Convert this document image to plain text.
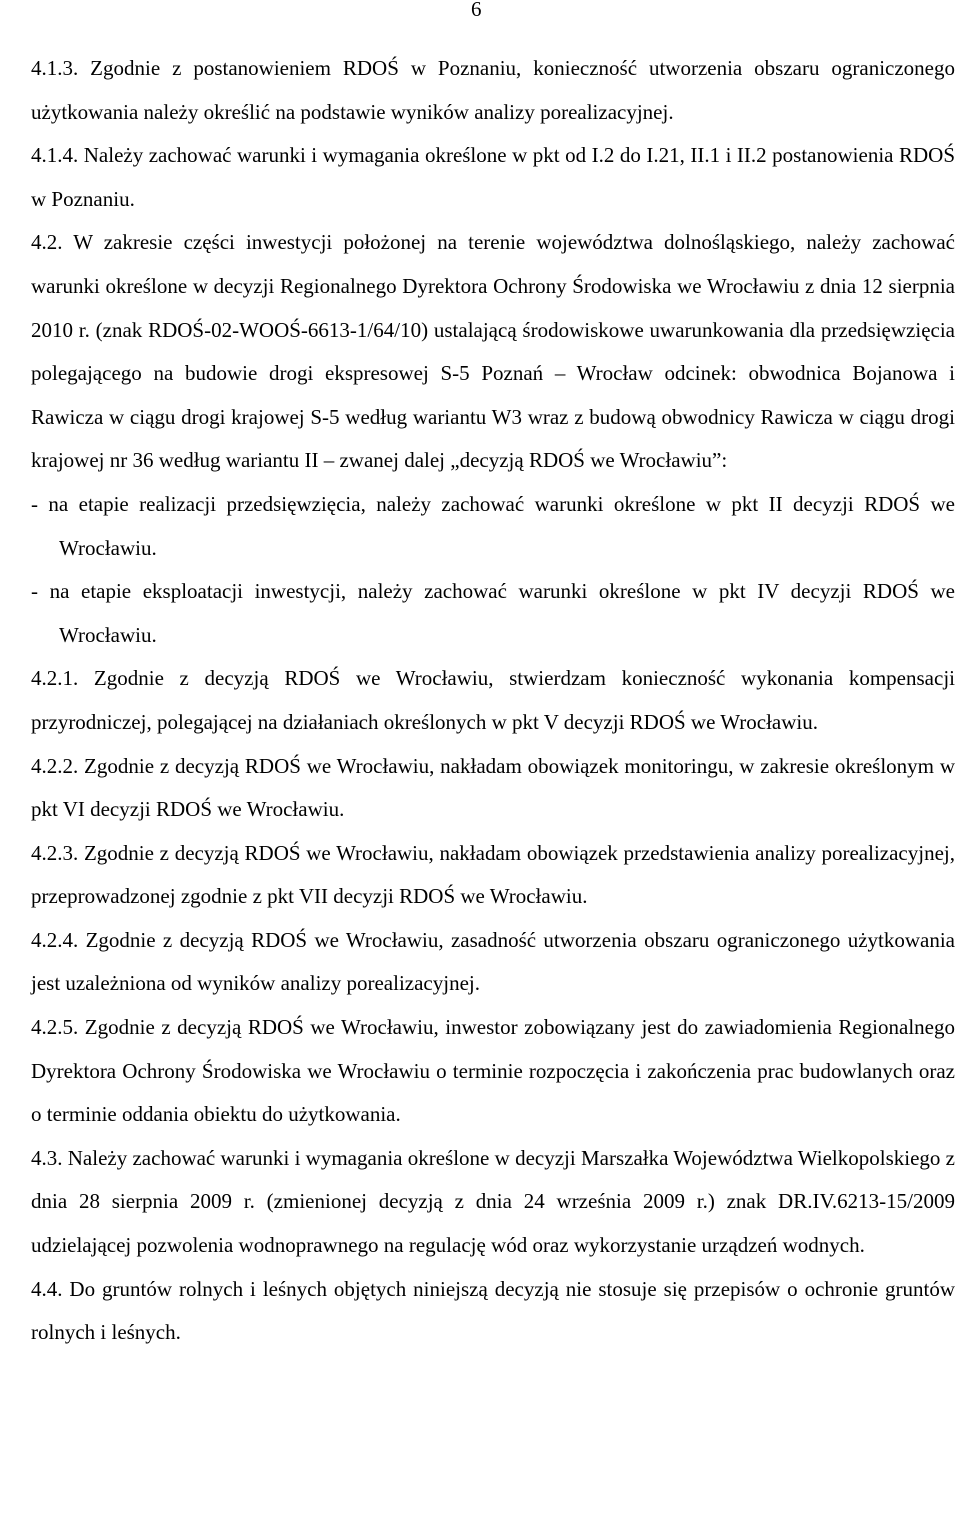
6

4.1.3. Zgodnie z postanowieniem RDOŚ w Poznaniu, konieczność utworzenia obszaru ograniczonego użytkowania należy określić na podstawie wyników analizy porealizacyjnej.

4.1.4. Należy zachować warunki i wymagania określone w pkt od I.2 do I.21, II.1 i II.2 postanowienia RDOŚ w Poznaniu.

4.2. W zakresie części inwestycji położonej na terenie województwa dolnośląskiego, należy zachować warunki określone w decyzji Regionalnego Dyrektora Ochrony Środowiska we Wrocławiu z dnia 12 sierpnia 2010 r. (znak RDOŚ-02-WOOŚ-6613-1/64/10) ustalającą środowiskowe uwarunkowania dla przedsięwzięcia polegającego na budowie drogi ekspresowej S-5 Poznań – Wrocław odcinek: obwodnica Bojanowa i Rawicza w ciągu drogi krajowej S-5 według wariantu W3 wraz z budową obwodnicy Rawicza w ciągu drogi krajowej nr 36 według wariantu II – zwanej dalej „decyzją RDOŚ we Wrocławiu”:

- na etapie realizacji przedsięwzięcia, należy zachować warunki określone w pkt II decyzji RDOŚ we Wrocławiu.

- na etapie eksploatacji inwestycji, należy zachować warunki określone w pkt IV decyzji RDOŚ we Wrocławiu.

4.2.1. Zgodnie z decyzją RDOŚ we Wrocławiu, stwierdzam konieczność wykonania kompensacji przyrodniczej, polegającej na działaniach określonych w pkt V decyzji RDOŚ we Wrocławiu.

4.2.2. Zgodnie z decyzją RDOŚ we Wrocławiu, nakładam obowiązek monitoringu, w zakresie określonym w pkt VI decyzji RDOŚ we Wrocławiu.

4.2.3. Zgodnie z decyzją RDOŚ we Wrocławiu, nakładam obowiązek przedstawienia analizy porealizacyjnej, przeprowadzonej zgodnie z pkt VII decyzji RDOŚ we Wrocławiu.

4.2.4. Zgodnie z decyzją RDOŚ we Wrocławiu, zasadność utworzenia obszaru ograniczonego użytkowania jest uzależniona od wyników analizy porealizacyjnej.

4.2.5. Zgodnie z decyzją RDOŚ we Wrocławiu, inwestor zobowiązany jest do zawiadomienia Regionalnego Dyrektora Ochrony Środowiska we Wrocławiu o terminie rozpoczęcia i zakończenia prac budowlanych oraz o terminie oddania obiektu do użytkowania.

4.3. Należy zachować warunki i wymagania określone w decyzji Marszałka Województwa Wielkopolskiego z dnia 28 sierpnia 2009 r. (zmienionej decyzją z dnia 24 września 2009 r.) znak DR.IV.6213-15/2009 udzielającej pozwolenia wodnoprawnego na regulację wód oraz wykorzystanie urządzeń wodnych.

4.4. Do gruntów rolnych i leśnych objętych niniejszą decyzją nie stosuje się przepisów o ochronie gruntów rolnych i leśnych.
